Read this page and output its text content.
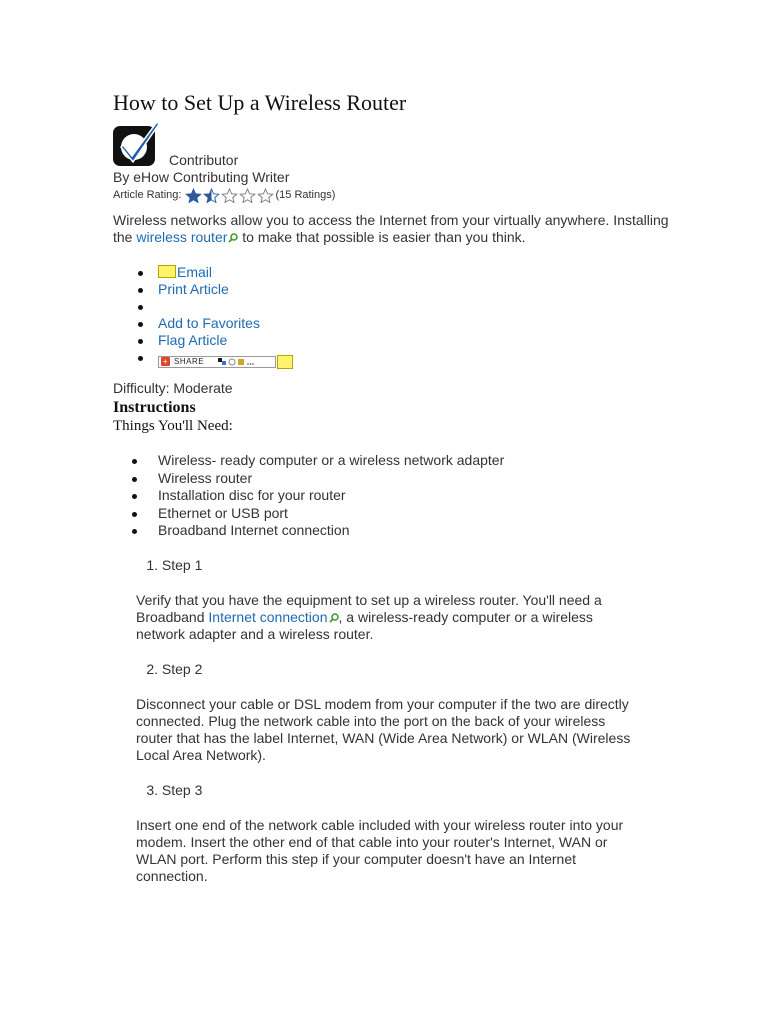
How to Set Up a Wireless Router
Contributor
By eHow Contributing Writer
Article Rating:	(15 Ratings)
Wireless networks allow you to access the Internet from your virtually anywhere. Installing the wireless router to make that possible is easier than you think.
Email
Print Article
Add to Favorites
Flag Article
+ SHARE
Difficulty: Moderate
Instructions
Things You'll Need:
Wireless- ready computer or a wireless network adapter
Wireless router
Installation disc for your router
Ethernet or USB port
Broadband Internet connection
1. Step 1
Verify that you have the equipment to set up a wireless router. You'll need a Broadband Internet connection , a wireless-ready computer or a wireless network adapter and a wireless router.
2. Step 2
Disconnect your cable or DSL modem from your computer if the two are directly connected. Plug the network cable into the port on the back of your wireless router that has the label Internet, WAN (Wide Area Network) or WLAN (Wireless Local Area Network).
3. Step 3
Insert one end of the network cable included with your wireless router into your modem. Insert the other end of that cable into your router's Internet, WAN or WLAN port. Perform this step if your computer doesn't have an Internet connection.
